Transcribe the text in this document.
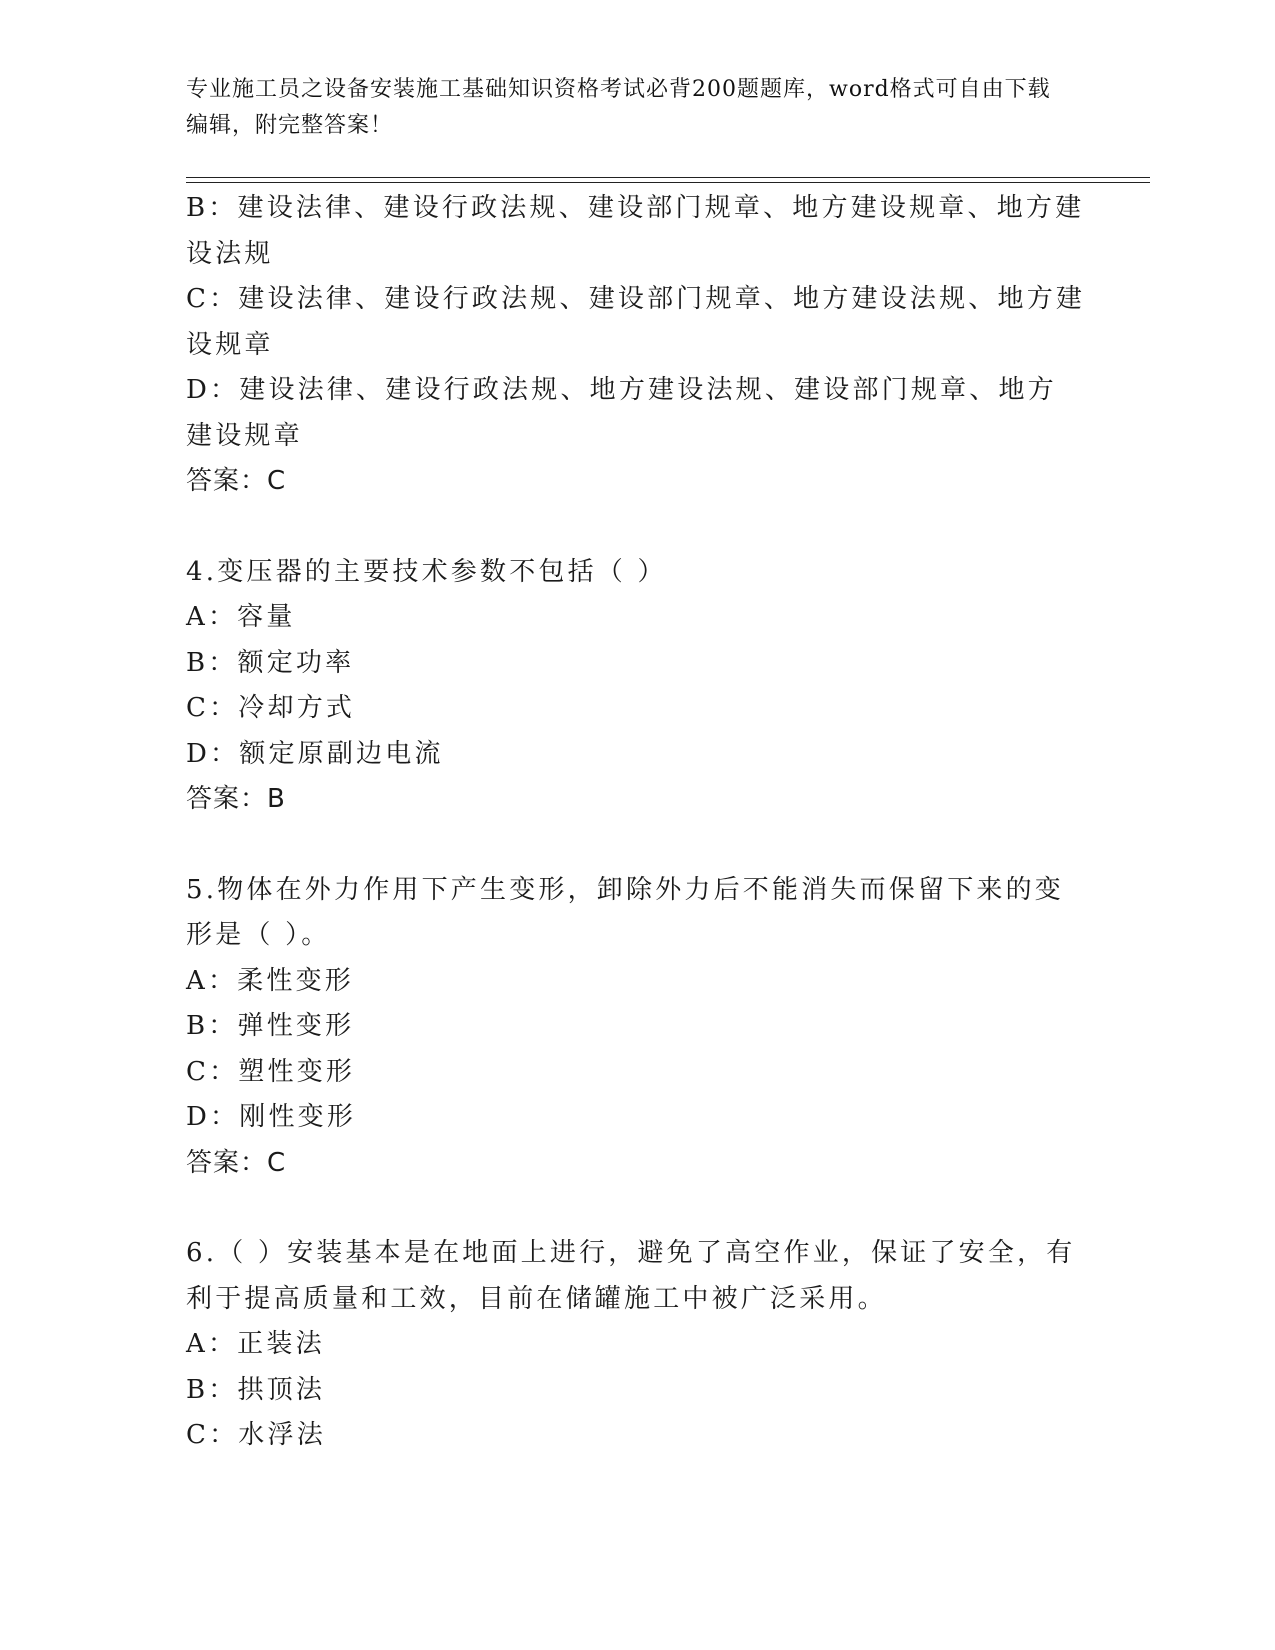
专业施工员之设备安装施工基础知识资格考试必背200题题库，word格式可自由下载编辑，附完整答案！

B：建设法律、建设行政法规、建设部门规章、地方建设规章、地方建设法规

C：建设法律、建设行政法规、建设部门规章、地方建设法规、地方建设规章

D：建设法律、建设行政法规、地方建设法规、建设部门规章、地方建设规章

答案：C

4.变压器的主要技术参数不包括（ ）

A：容量

B：额定功率

C：冷却方式

D：额定原副边电流

答案：B

5.物体在外力作用下产生变形，卸除外力后不能消失而保留下来的变形是（ ）。

A：柔性变形

B：弹性变形

C：塑性变形

D：刚性变形

答案：C

6.（ ）安装基本是在地面上进行，避免了高空作业，保证了安全，有利于提高质量和工效，目前在储罐施工中被广泛采用。

A：正装法

B：拱顶法

C：水浮法
